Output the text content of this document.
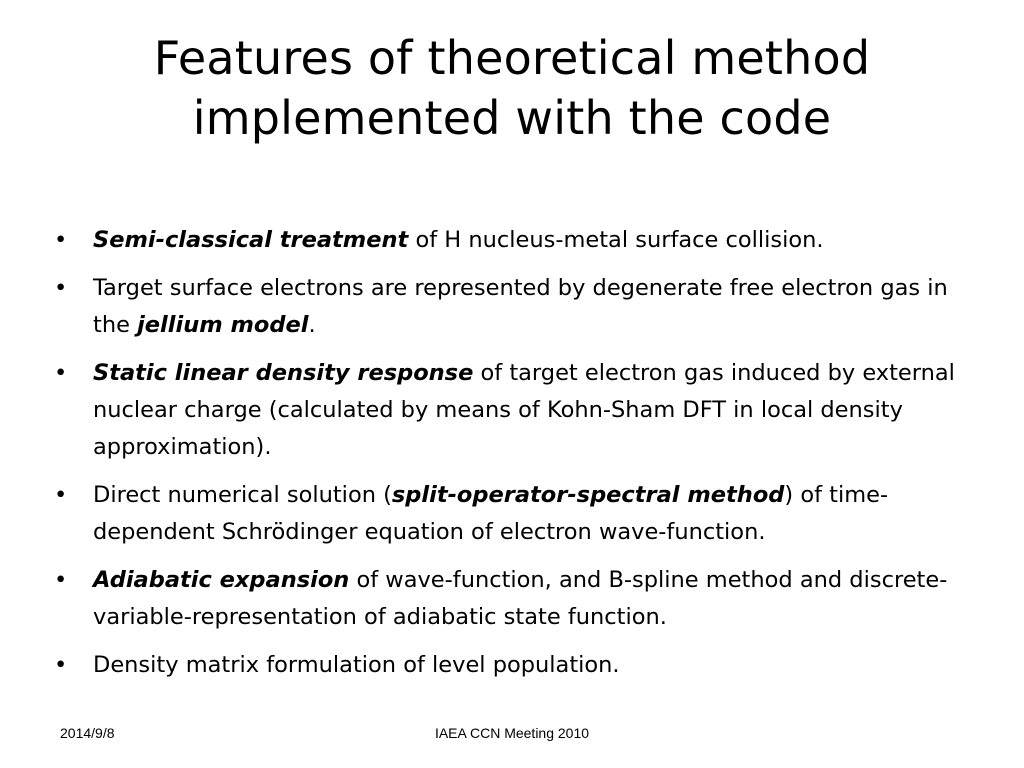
Features of theoretical method
implemented with the code
• Semi-classical treatment of H nucleus-metal surface collision.
• Target surface electrons are represented by degenerate free electron gas in the jellium model.
• Static linear density response of target electron gas induced by external nuclear charge (calculated by means of Kohn-Sham DFT in local density approximation).
• Direct numerical solution (split-operator-spectral method) of time-dependent Schrödinger equation of electron wave-function.
• Adiabatic expansion of wave-function, and B-spline method and discrete-variable-representation of adiabatic state function.
• Density matrix formulation of level population.
2014/9/8	IAEA CCN Meeting 2010
